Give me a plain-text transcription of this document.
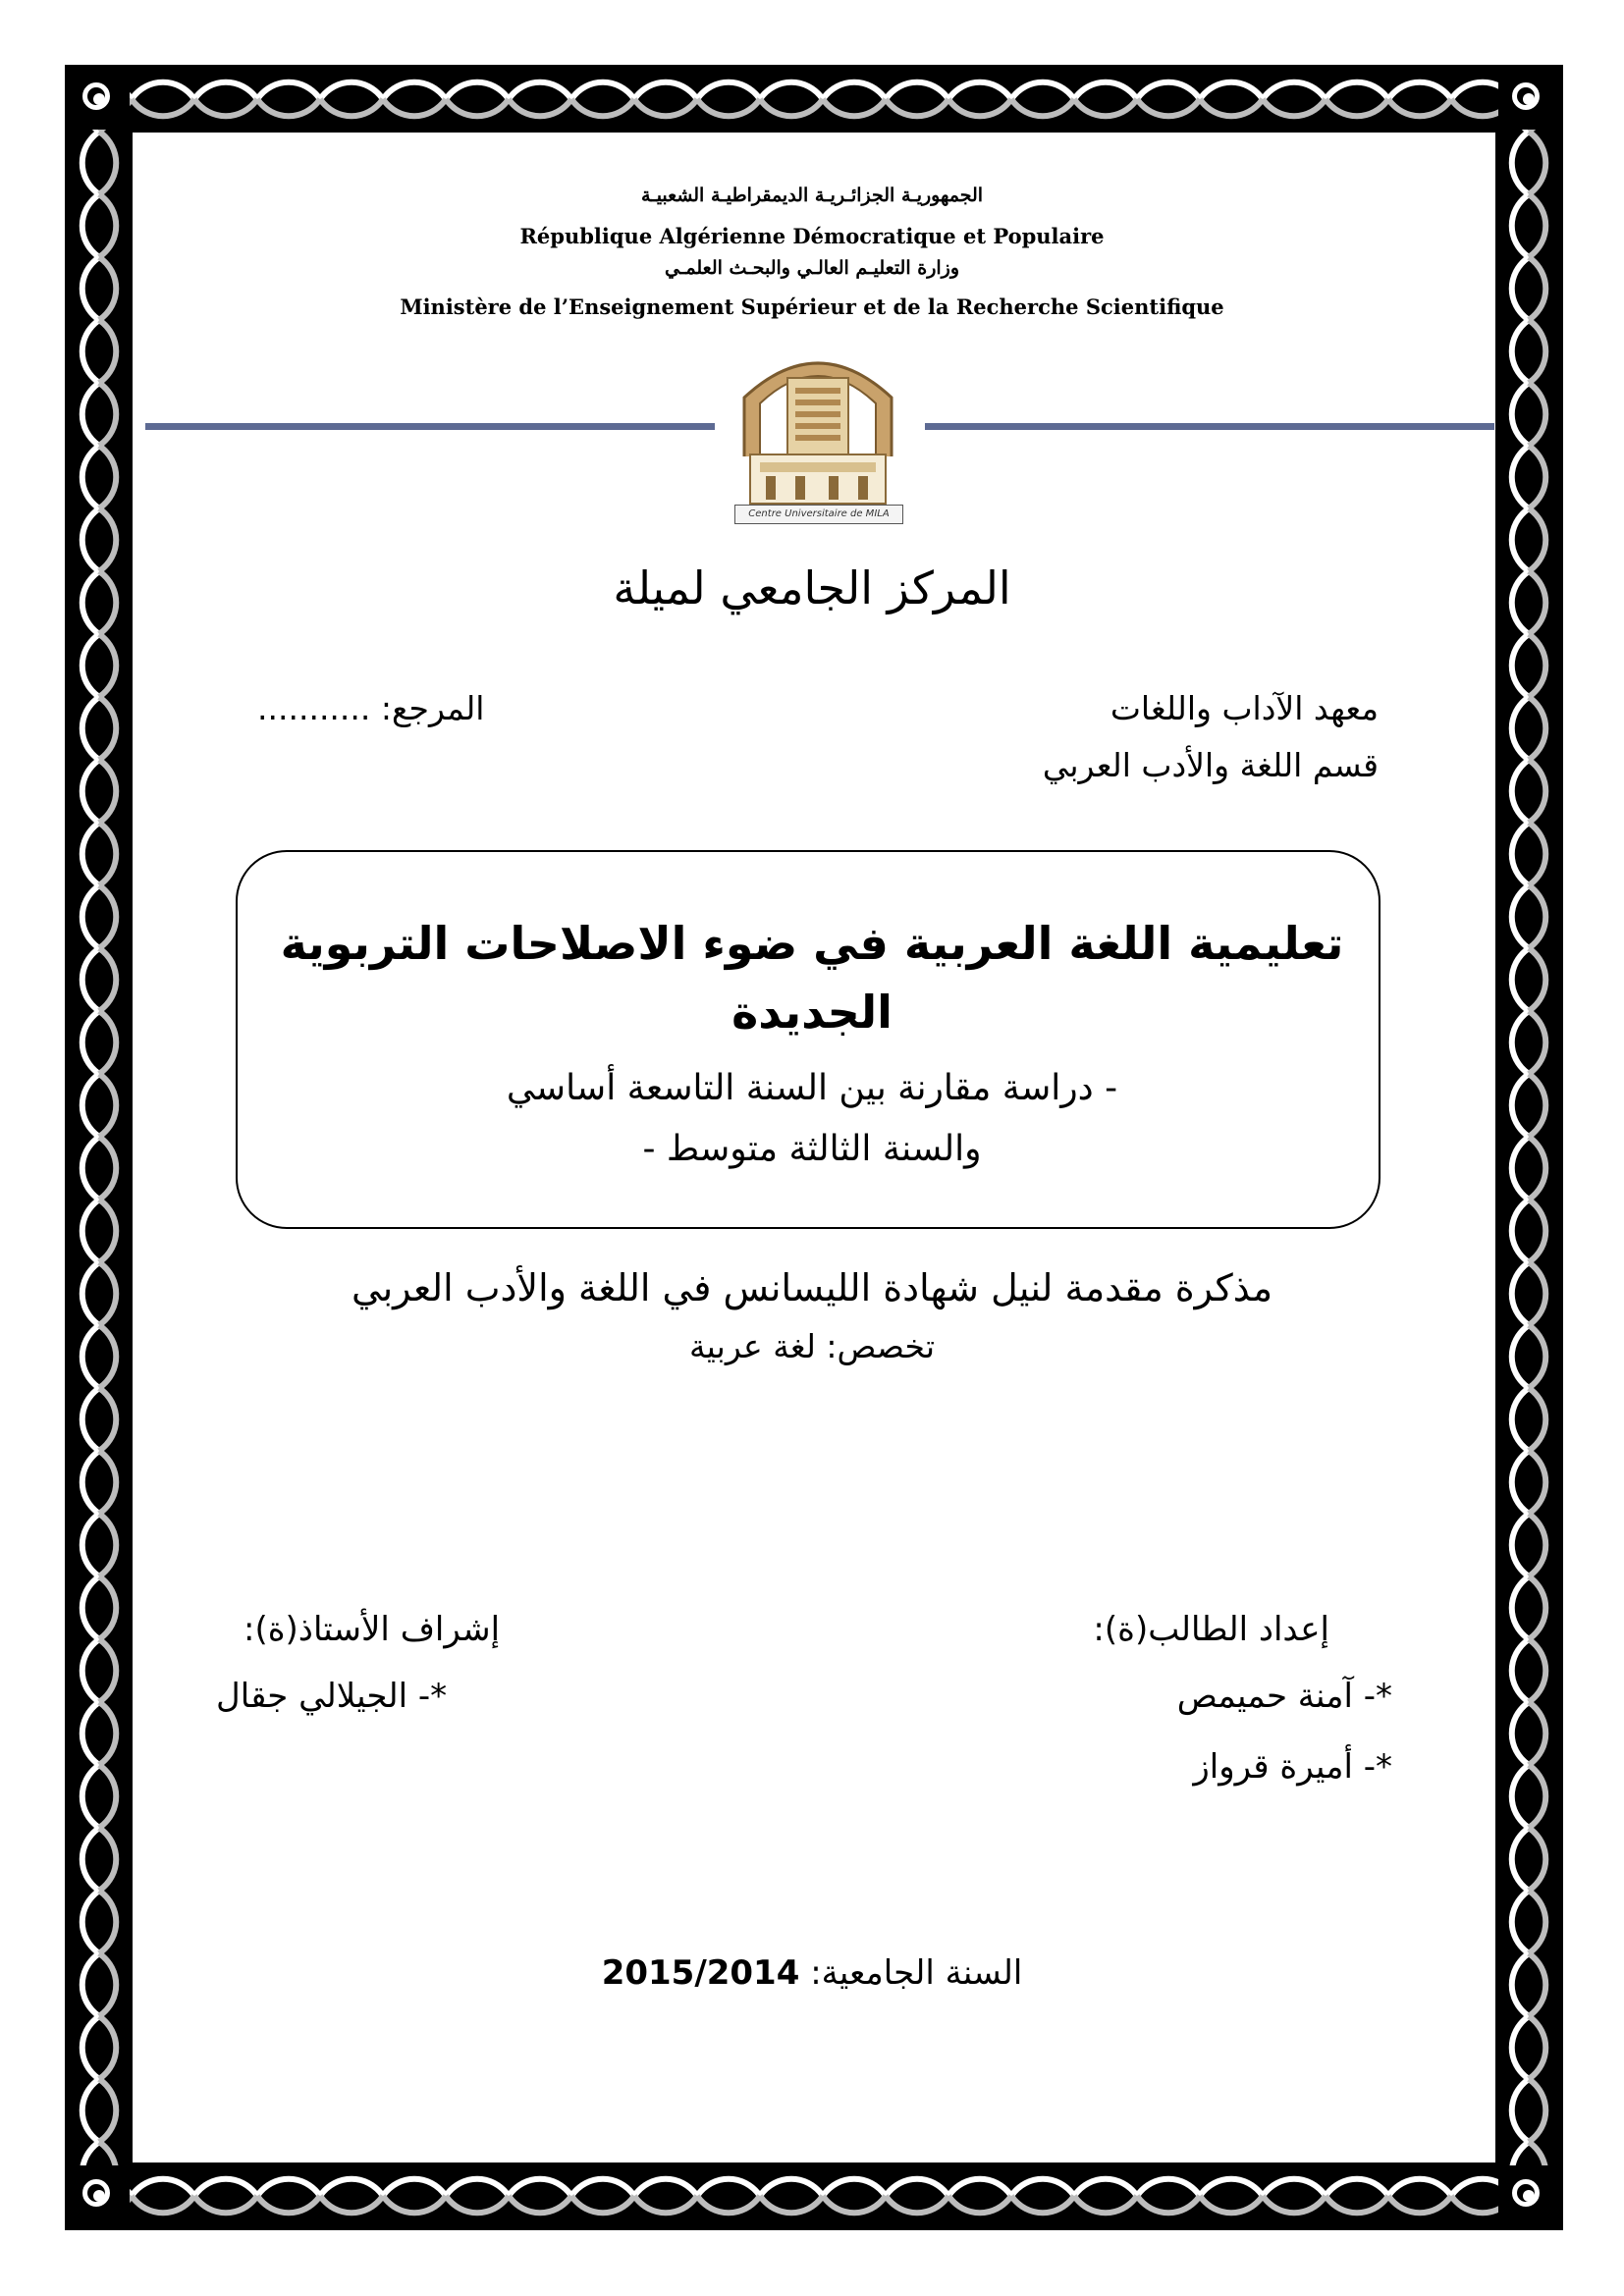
الجمهوريـة الجزائـريـة الديمقراطيـة الشعبيـة
République Algérienne Démocratique et Populaire
وزارة التعليـم العالـي والبحـث العلمـي
Ministère de l’Enseignement Supérieur et de la Recherche Scientifique
Centre Universitaire de MILA
المركز الجامعي لميلة
معهد الآداب واللغات
قسم اللغة والأدب العربي
المرجع: ...........
تعليمية اللغة العربية في ضوء الاصلاحات التربوية
الجديدة
- دراسة مقارنة بين السنة التاسعة أساسي
والسنة الثالثة متوسط -
مذكرة مقدمة لنيل شهادة الليسانس في اللغة والأدب العربي
تخصص: لغة عربية
إعداد الطالب(ة):
*- آمنة حميمص
*- أميرة قرواز
إشراف الأستاذ(ة):
*- الجيلالي جقال
السنة الجامعية: 2015/2014
